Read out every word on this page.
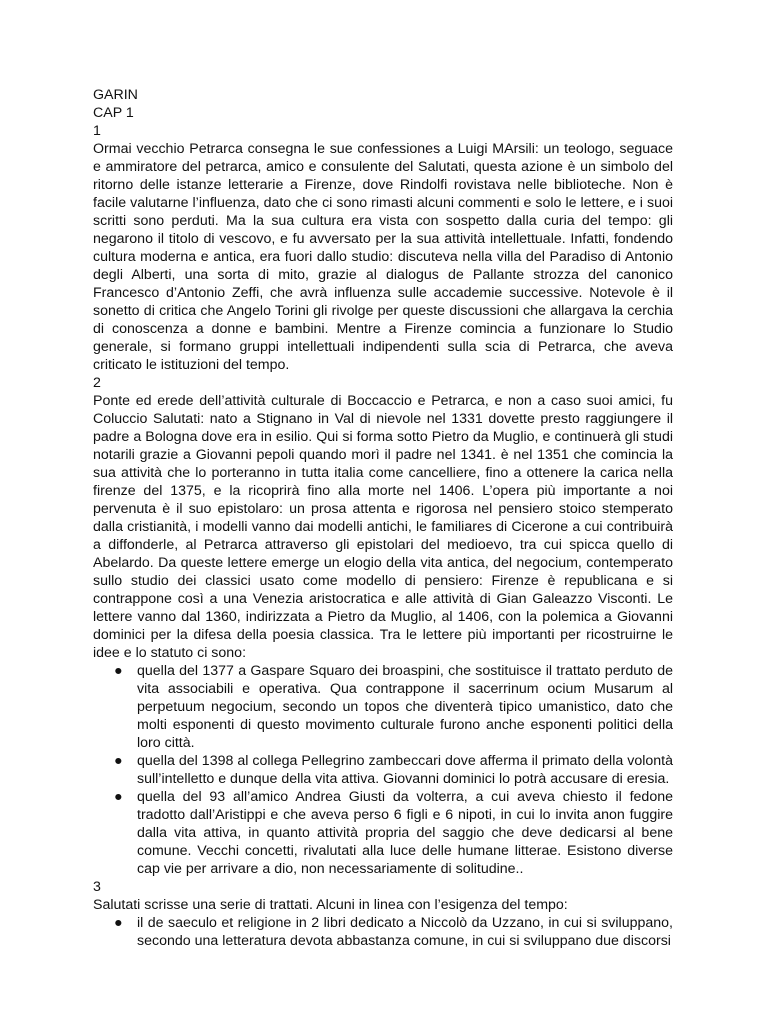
GARIN
CAP 1
1

Ormai vecchio Petrarca consegna le sue confessiones a Luigi MArsili: un teologo, seguace e ammiratore del petrarca, amico e consulente del Salutati, questa azione è un simbolo del ritorno delle istanze letterarie a Firenze, dove Rindolfi rovistava nelle biblioteche. Non è facile valutarne l’influenza, dato che ci sono rimasti alcuni commenti e solo le lettere, e i suoi scritti sono perduti. Ma la sua cultura era vista con sospetto dalla curia del tempo: gli negarono il titolo di vescovo, e fu avversato per la sua attività intellettuale. Infatti, fondendo cultura moderna e antica, era fuori dallo studio: discuteva nella villa del Paradiso di Antonio degli Alberti, una sorta di mito, grazie al dialogus de Pallante strozza del canonico Francesco d’Antonio Zeffi, che avrà influenza sulle accademie successive. Notevole è il sonetto di critica che Angelo Torini gli rivolge per queste discussioni che allargava la cerchia di conoscenza a donne e bambini. Mentre a Firenze comincia a funzionare lo Studio generale, si formano gruppi intellettuali indipendenti sulla scia di Petrarca, che aveva criticato le istituzioni del tempo.

2

Ponte ed erede dell’attività culturale di Boccaccio e Petrarca, e non a caso suoi amici, fu Coluccio Salutati: nato a Stignano in Val di nievole nel 1331 dovette presto raggiungere il padre a Bologna dove era in esilio. Qui si forma sotto Pietro da Muglio, e continuerà gli studi notarili grazie a Giovanni pepoli quando morì il padre nel 1341. è nel 1351 che comincia la sua attività che lo porteranno in tutta italia come cancelliere, fino a ottenere la carica nella firenze del 1375, e la ricoprirà fino alla morte nel 1406. L’opera più importante a noi pervenuta è il suo epistolaro: un prosa attenta e rigorosa nel pensiero stoico stemperato dalla cristianità, i modelli vanno dai modelli antichi, le familiares di Cicerone a cui contribuirà a diffonderle, al Petrarca attraverso gli epistolari del medioevo, tra cui spicca quello di Abelardo. Da queste lettere emerge un elogio della vita antica, del negocium, contemperato sullo studio dei classici usato come modello di pensiero: Firenze è republicana e si contrappone così a una Venezia aristocratica e alle attività di Gian Galeazzo Visconti. Le lettere vanno dal 1360, indirizzata a Pietro da Muglio, al 1406, con la polemica a Giovanni dominici per la difesa della poesia classica. Tra le lettere più importanti per ricostruirne le idee e lo statuto ci sono:

● quella del 1377 a Gaspare Squaro dei broaspini, che sostituisce il trattato perduto de vita associabili e operativa. Qua contrappone il sacerrinum ocium Musarum al perpetuum negocium, secondo un topos che diventerà tipico umanistico, dato che molti esponenti di questo movimento culturale furono anche esponenti politici della loro città.
● quella del 1398 al collega Pellegrino zambeccari dove afferma il primato della volontà sull’intelletto e dunque della vita attiva. Giovanni dominici lo potrà accusare di eresia.
● quella del 93 all’amico Andrea Giusti da volterra, a cui aveva chiesto il fedone tradotto dall’Aristippi e che aveva perso 6 figli e 6 nipoti, in cui lo invita anon fuggire dalla vita attiva, in quanto attività propria del saggio che deve dedicarsi al bene comune. Vecchi concetti, rivalutati alla luce delle humane litterae. Esistono diverse cap vie per arrivare a dio, non necessariamente di solitudine..
3

Salutati scrisse una serie di trattati. Alcuni in linea con l’esigenza del tempo:

● il de saeculo et religione in 2 libri dedicato a Niccolò da Uzzano, in cui si sviluppano, secondo una letteratura devota abbastanza comune, in cui si sviluppano due discorsi
